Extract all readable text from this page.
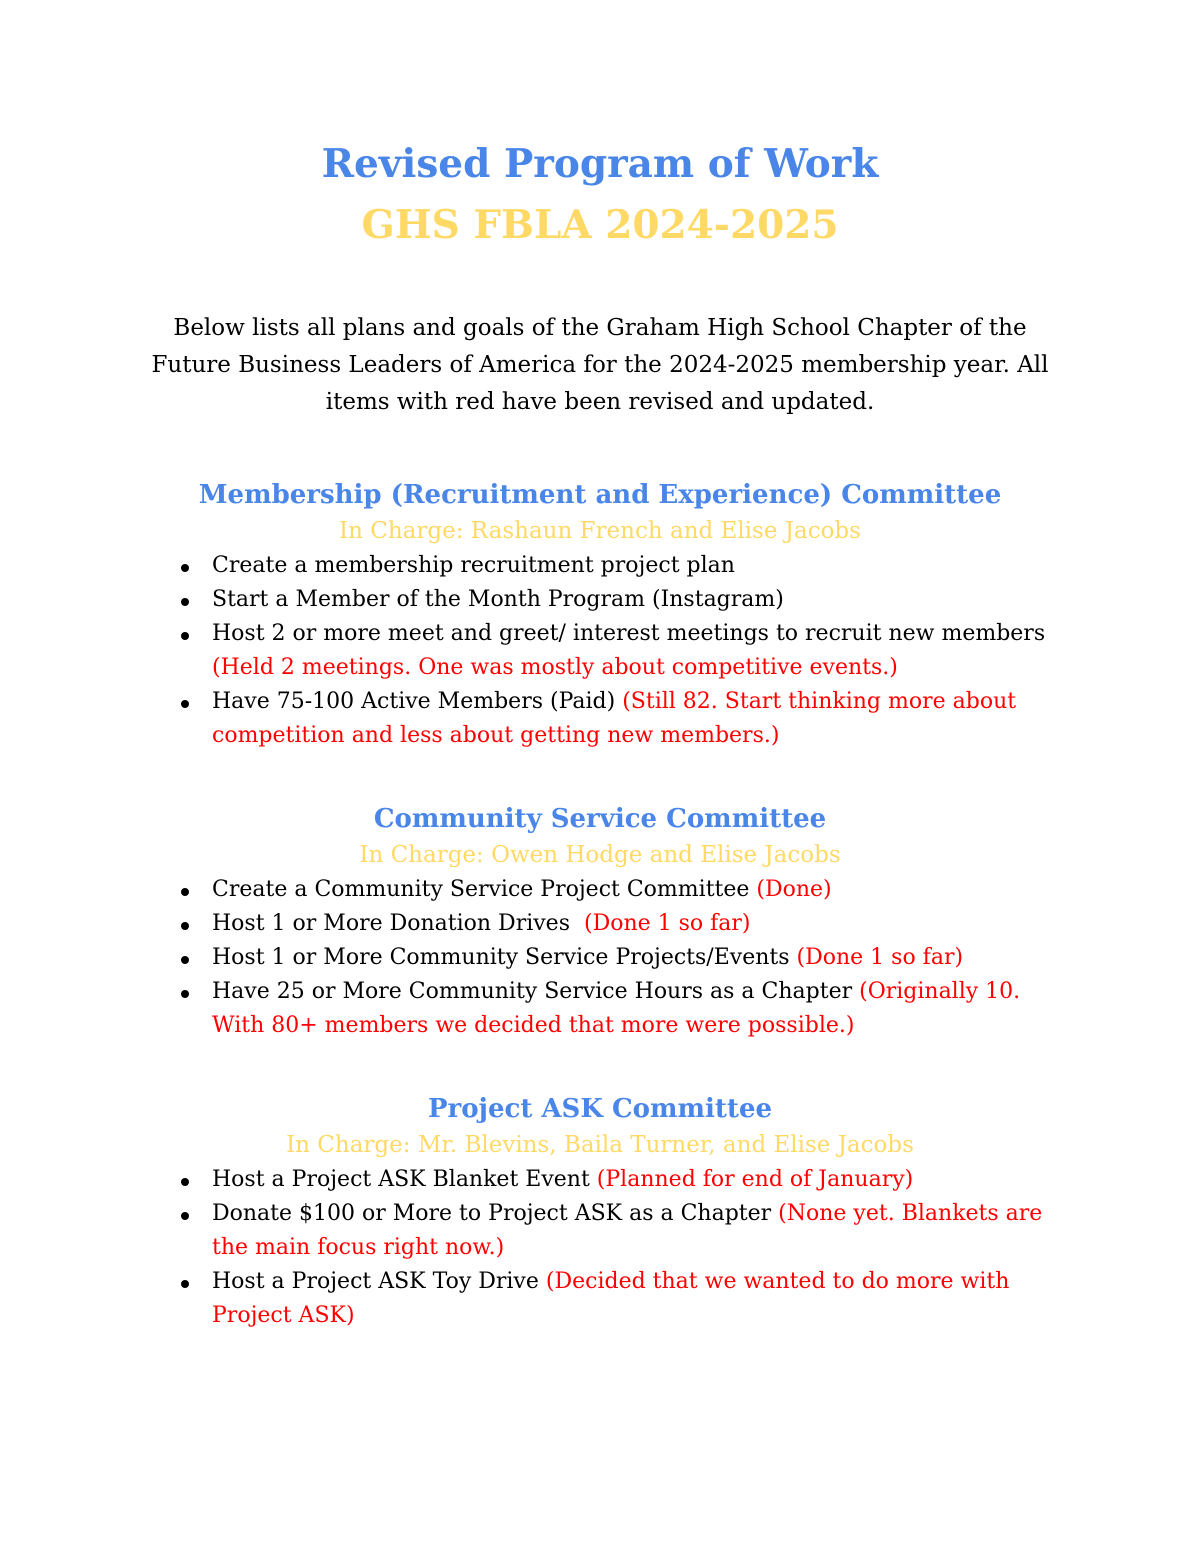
Revised Program of Work
GHS FBLA 2024-2025

Below lists all plans and goals of the Graham High School Chapter of the Future Business Leaders of America for the 2024-2025 membership year. All items with red have been revised and updated.

Membership (Recruitment and Experience) Committee
In Charge: Rashaun French and Elise Jacobs
Create a membership recruitment project plan
Start a Member of the Month Program (Instagram)
Host 2 or more meet and greet/ interest meetings to recruit new members (Held 2 meetings. One was mostly about competitive events.)
Have 75-100 Active Members (Paid) (Still 82. Start thinking more about competition and less about getting new members.)
Community Service Committee
In Charge: Owen Hodge and Elise Jacobs
Create a Community Service Project Committee (Done)
Host 1 or More Donation Drives  (Done 1 so far)
Host 1 or More Community Service Projects/Events (Done 1 so far)
Have 25 or More Community Service Hours as a Chapter (Originally 10. With 80+ members we decided that more were possible.)
Project ASK Committee
In Charge: Mr. Blevins, Baila Turner, and Elise Jacobs
Host a Project ASK Blanket Event (Planned for end of January)
Donate $100 or More to Project ASK as a Chapter (None yet. Blankets are the main focus right now.)
Host a Project ASK Toy Drive (Decided that we wanted to do more with Project ASK)
